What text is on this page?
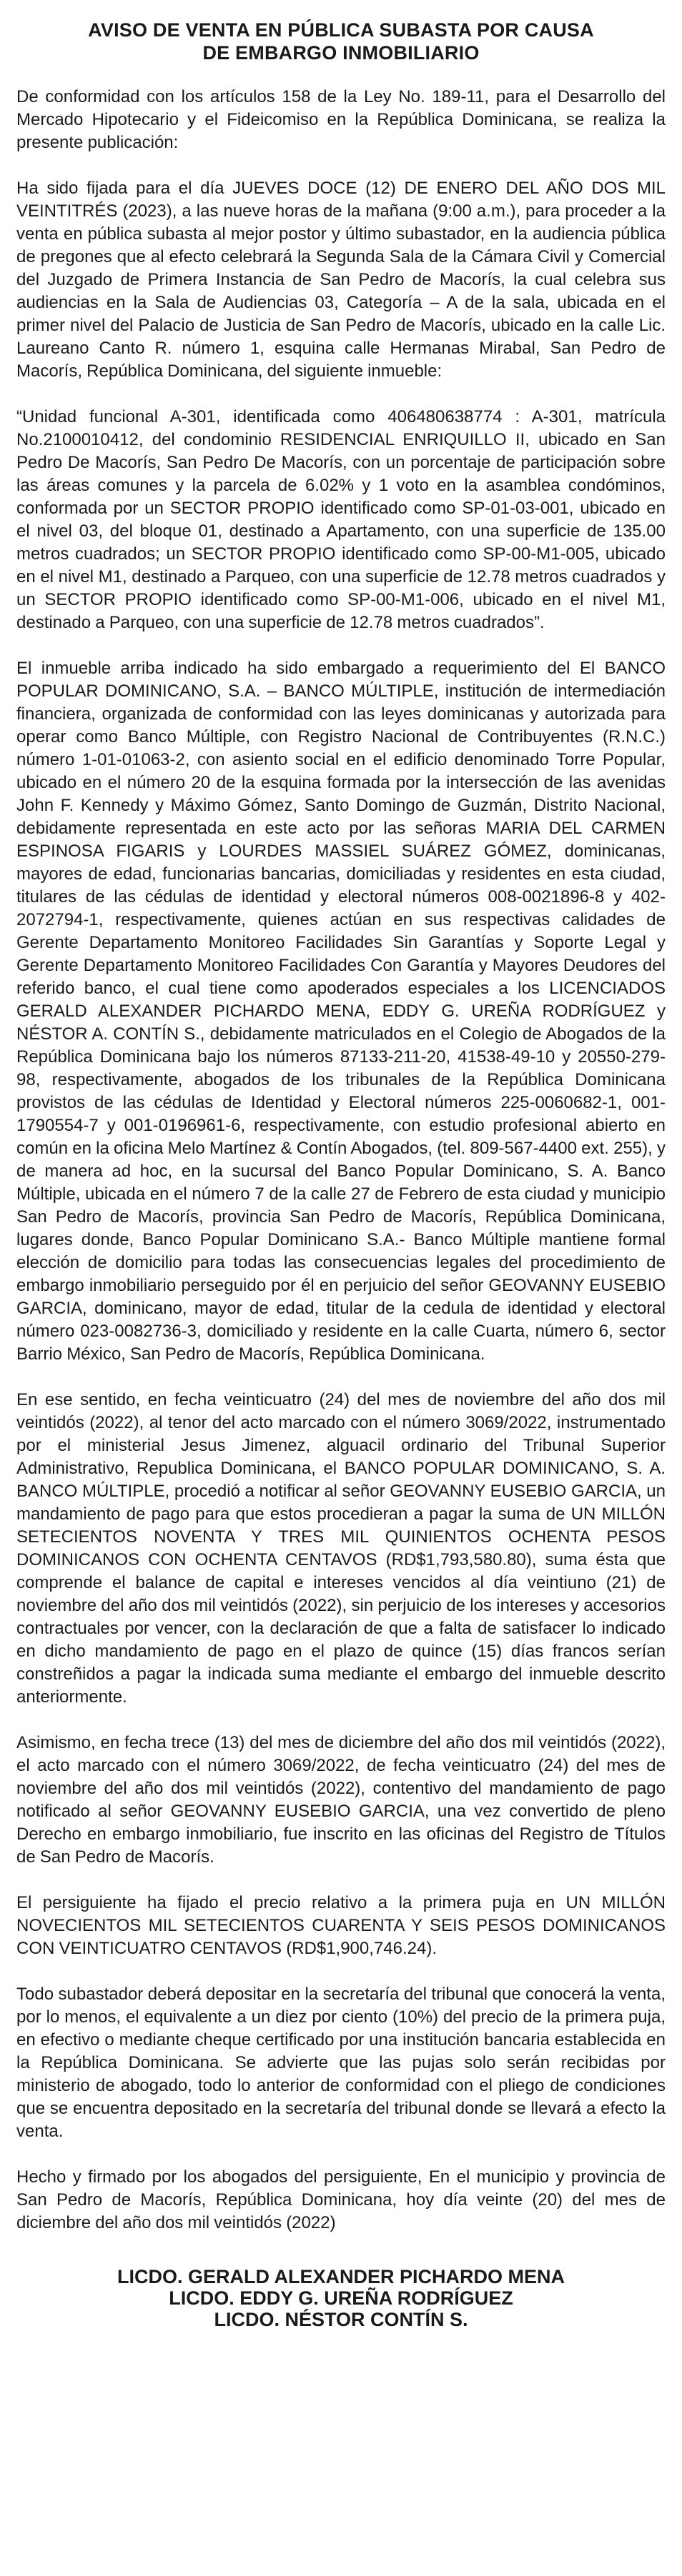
AVISO DE VENTA EN PÚBLICA SUBASTA POR CAUSA
DE EMBARGO INMOBILIARIO

De conformidad con los artículos 158 de la Ley No. 189-11, para el Desarrollo del Mercado Hipotecario y el Fideicomiso en la República Dominicana, se realiza la presente publicación:

Ha sido fijada para el día JUEVES DOCE (12) DE ENERO DEL AÑO DOS MIL VEINTITRÉS (2023), a las nueve horas de la mañana (9:00 a.m.), para proceder a la venta en pública subasta al mejor postor y último subastador, en la audiencia pública de pregones que al efecto celebrará la Segunda Sala de la Cámara Civil y Comercial del Juzgado de Primera Instancia de San Pedro de Macorís, la cual celebra sus audiencias en la Sala de Audiencias 03, Categoría – A de la sala, ubicada en el primer nivel del Palacio de Justicia de San Pedro de Macorís, ubicado en la calle Lic. Laureano Canto R. número 1, esquina calle Hermanas Mirabal, San Pedro de Macorís, República Dominicana, del siguiente inmueble:

“Unidad funcional A-301, identificada como 406480638774 : A-301, matrícula No.2100010412, del condominio RESIDENCIAL ENRIQUILLO II, ubicado en San Pedro De Macorís, San Pedro De Macorís, con un porcentaje de participación sobre las áreas comunes y la parcela de 6.02% y 1 voto en la asamblea condóminos, conformada por un SECTOR PROPIO identificado como SP-01-03-001, ubicado en el nivel 03, del bloque 01, destinado a Apartamento, con una superficie de 135.00 metros cuadrados; un SECTOR PROPIO identificado como SP-00-M1-005, ubicado en el nivel M1, destinado a Parqueo, con una superficie de 12.78 metros cuadrados y un SECTOR PROPIO identificado como SP-00-M1-006, ubicado en el nivel M1, destinado a Parqueo, con una superficie de 12.78 metros cuadrados”.

El inmueble arriba indicado ha sido embargado a requerimiento del El BANCO POPULAR DOMINICANO, S.A. – BANCO MÚLTIPLE, institución de intermediación financiera, organizada de conformidad con las leyes dominicanas y autorizada para operar como Banco Múltiple, con Registro Nacional de Contribuyentes (R.N.C.) número 1-01-01063-2, con asiento social en el edificio denominado Torre Popular, ubicado en el número 20 de la esquina formada por la intersección de las avenidas John F. Kennedy y Máximo Gómez, Santo Domingo de Guzmán, Distrito Nacional, debidamente representada en este acto por las señoras MARIA DEL CARMEN ESPINOSA FIGARIS y LOURDES MASSIEL SUÁREZ GÓMEZ, dominicanas, mayores de edad, funcionarias bancarias, domiciliadas y residentes en esta ciudad, titulares de las cédulas de identidad y electoral números 008-0021896-8 y 402-2072794-1, respectivamente, quienes actúan en sus respectivas calidades de Gerente Departamento Monitoreo Facilidades Sin Garantías y Soporte Legal y Gerente Departamento Monitoreo Facilidades Con Garantía y Mayores Deudores del referido banco, el cual tiene como apoderados especiales a los LICENCIADOS GERALD ALEXANDER PICHARDO MENA, EDDY G. UREÑA RODRÍGUEZ y NÉSTOR A. CONTÍN S., debidamente matriculados en el Colegio de Abogados de la República Dominicana bajo los números 87133-211-20, 41538-49-10 y 20550-279-98, respectivamente, abogados de los tribunales de la República Dominicana provistos de las cédulas de Identidad y Electoral números 225-0060682-1, 001-1790554-7 y 001-0196961-6, respectivamente, con estudio profesional abierto en común en la oficina Melo Martínez & Contín Abogados, (tel. 809-567-4400 ext. 255), y de manera ad hoc, en la sucursal del Banco Popular Dominicano, S. A. Banco Múltiple, ubicada en el número 7 de la calle 27 de Febrero de esta ciudad y municipio San Pedro de Macorís, provincia San Pedro de Macorís, República Dominicana, lugares donde, Banco Popular Dominicano S.A.- Banco Múltiple mantiene formal elección de domicilio para todas las consecuencias legales del procedimiento de embargo inmobiliario perseguido por él en perjuicio del señor GEOVANNY EUSEBIO GARCIA, dominicano, mayor de edad, titular de la cedula de identidad y electoral número 023-0082736-3, domiciliado y residente en la calle Cuarta, número 6, sector Barrio México, San Pedro de Macorís, República Dominicana.

En ese sentido, en fecha veinticuatro (24) del mes de noviembre del año dos mil veintidós (2022), al tenor del acto marcado con el número 3069/2022, instrumentado por el ministerial Jesus Jimenez, alguacil ordinario del Tribunal Superior Administrativo, Republica Dominicana, el BANCO POPULAR DOMINICANO, S. A. BANCO MÚLTIPLE, procedió a notificar al señor GEOVANNY EUSEBIO GARCIA, un mandamiento de pago para que estos procedieran a pagar la suma de UN MILLÓN SETECIENTOS NOVENTA Y TRES MIL QUINIENTOS OCHENTA PESOS DOMINICANOS CON OCHENTA CENTAVOS (RD$1,793,580.80), suma ésta que comprende el balance de capital e intereses vencidos al día veintiuno (21) de noviembre del año dos mil veintidós (2022), sin perjuicio de los intereses y accesorios contractuales por vencer, con la declaración de que a falta de satisfacer lo indicado en dicho mandamiento de pago en el plazo de quince (15) días francos serían constreñidos a pagar la indicada suma mediante el embargo del inmueble descrito anteriormente.

Asimismo, en fecha trece (13) del mes de diciembre del año dos mil veintidós (2022), el acto marcado con el número 3069/2022, de fecha veinticuatro (24) del mes de noviembre del año dos mil veintidós (2022), contentivo del mandamiento de pago notificado al señor GEOVANNY EUSEBIO GARCIA, una vez convertido de pleno Derecho en embargo inmobiliario, fue inscrito en las oficinas del Registro de Títulos de San Pedro de Macorís.

El persiguiente ha fijado el precio relativo a la primera puja en UN MILLÓN NOVECIENTOS MIL SETECIENTOS CUARENTA Y SEIS PESOS DOMINICANOS CON VEINTICUATRO CENTAVOS (RD$1,900,746.24).

Todo subastador deberá depositar en la secretaría del tribunal que conocerá la venta, por lo menos, el equivalente a un diez por ciento (10%) del precio de la primera puja, en efectivo o mediante cheque certificado por una institución bancaria establecida en la República Dominicana. Se advierte que las pujas solo serán recibidas por ministerio de abogado, todo lo anterior de conformidad con el pliego de condiciones que se encuentra depositado en la secretaría del tribunal donde se llevará a efecto la venta.

Hecho y firmado por los abogados del persiguiente, En el municipio y provincia de San Pedro de Macorís, República Dominicana, hoy día veinte (20) del mes de diciembre del año dos mil veintidós (2022)

LICDO. GERALD ALEXANDER PICHARDO MENA
LICDO. EDDY G. UREÑA RODRÍGUEZ
LICDO. NÉSTOR CONTÍN S.
